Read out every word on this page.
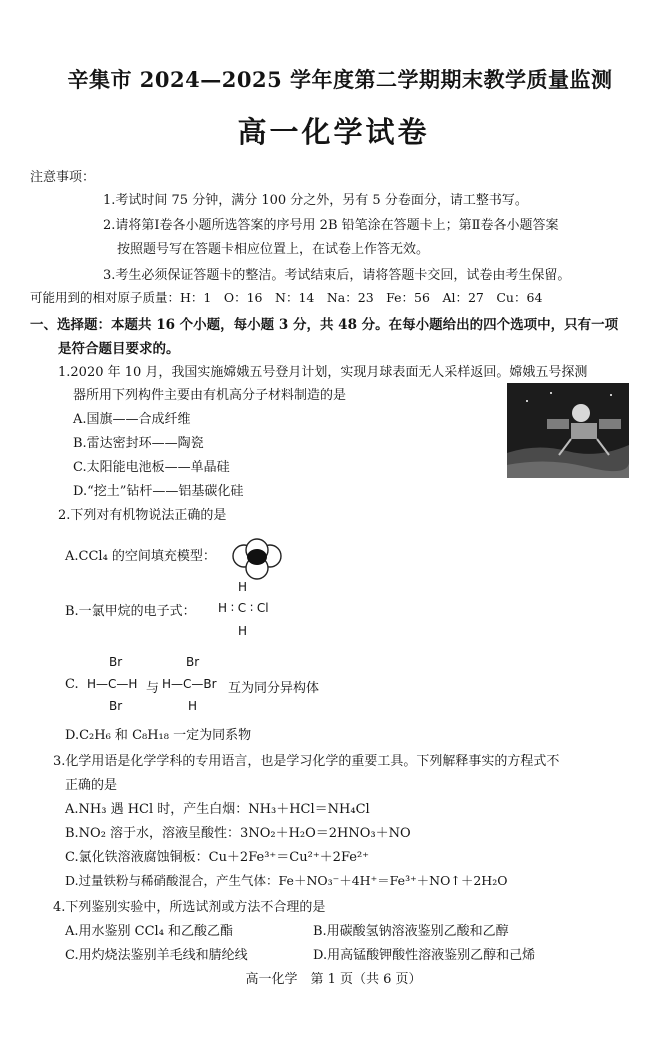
辛集市 2024—2025 学年度第二学期期末教学质量监测
高一化学试卷
注意事项：
1.考试时间 75 分钟，满分 100 分之外，另有 5 分卷面分，请工整书写。
2.请将第Ⅰ卷各小题所选答案的序号用 2B 铅笔涂在答题卡上；第Ⅱ卷各小题答案
按照题号写在答题卡相应位置上，在试卷上作答无效。
3.考生必须保证答题卡的整洁。考试结束后，请将答题卡交回，试卷由考生保留。
可能用到的相对原子质量：H：1　O：16　N：14　Na：23　Fe：56　Al：27　Cu：64
一、选择题：本题共 16 个小题，每小题 3 分，共 48 分。在每小题给出的四个选项中，只有一项
是符合题目要求的。
1.2020 年 10 月，我国实施嫦娥五号登月计划，实现月球表面无人采样返回。嫦娥五号探测
器所用下列构件主要由有机高分子材料制造的是
A.国旗——合成纤维
B.雷达密封环——陶瓷
C.太阳能电池板——单晶硅
D.“挖土”钻杆——铝基碳化硅
2.下列对有机物说法正确的是
A.CCl₄ 的空间填充模型：
B.一氯甲烷的电子式：
H
H ∶ C ∶ Cl
H
C.
Br
H—C—H
Br
与
Br
H—C—Br
H
互为同分异构体
D.C₂H₆ 和 C₈H₁₈ 一定为同系物
3.化学用语是化学学科的专用语言，也是学习化学的重要工具。下列解释事实的方程式不
正确的是
A.NH₃ 遇 HCl 时，产生白烟：NH₃＋HCl＝NH₄Cl
B.NO₂ 溶于水，溶液呈酸性：3NO₂＋H₂O＝2HNO₃＋NO
C.氯化铁溶液腐蚀铜板：Cu＋2Fe³⁺＝Cu²⁺＋2Fe²⁺
D.过量铁粉与稀硝酸混合，产生气体：Fe＋NO₃⁻＋4H⁺＝Fe³⁺＋NO↑＋2H₂O
4.下列鉴别实验中，所选试剂或方法不合理的是
A.用水鉴别 CCl₄ 和乙酸乙酯	B.用碳酸氢钠溶液鉴别乙酸和乙醇
C.用灼烧法鉴别羊毛线和腈纶线	D.用高锰酸钾酸性溶液鉴别乙醇和己烯
高一化学　第 1 页（共 6 页）
